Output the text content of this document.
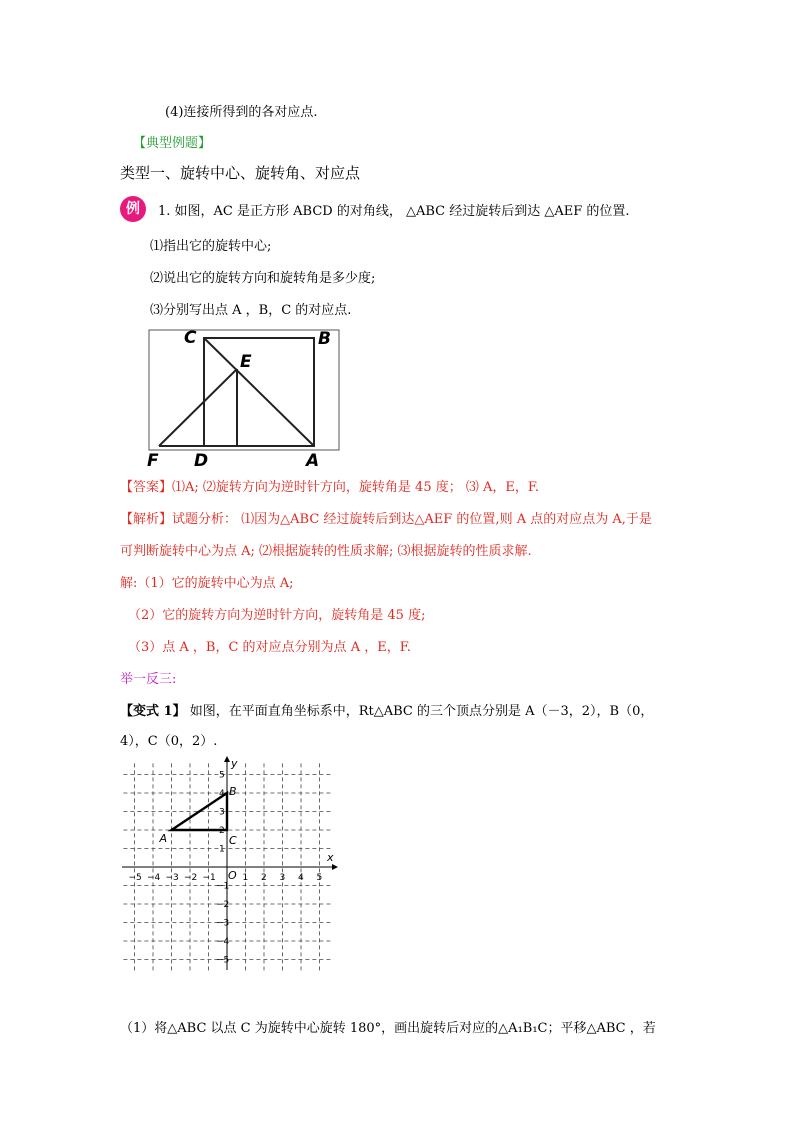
(4)连接所得到的各对应点.
【典型例题】
类型一、旋转中心、旋转角、对应点
例	1. 如图，AC 是正方形 ABCD 的对角线， △ABC 经过旋转后到达 △AEF 的位置.
⑴指出它的旋转中心;
⑵说出它的旋转方向和旋转角是多少度;
⑶分别写出点 A ，B，C 的对应点.
C	B
E
F D	A
【答案】⑴A; ⑵旋转方向为逆时针方向，旋转角是 45 度； ⑶ A，E，F.
【解析】试题分析： ⑴因为△ABC 经过旋转后到达△AEF 的位置,则 A 点的对应点为 A,于是
可判断旋转中心为点 A; ⑵根据旋转的性质求解; ⑶根据旋转的性质求解.
解:（1）它的旋转中心为点 A;
（2）它的旋转方向为逆时针方向，旋转角是 45 度;
（3）点 A ，B，C 的对应点分别为点 A ，E，F.
举一反三:
【变式 1】 如图，在平面直角坐标系中，Rt△ABC 的三个顶点分别是 A（－3，2），B（0，
4），C（0，2）.
x
y
O
−5 −4 −3 −2 −1	1 2 3 4 5
5
4
3
2
1
−1
−2
−3
−4
−5
A
B
C
（1）将△ABC 以点 C 为旋转中心旋转 180°，画出旋转后对应的△A₁B₁C；平移△ABC ，若
